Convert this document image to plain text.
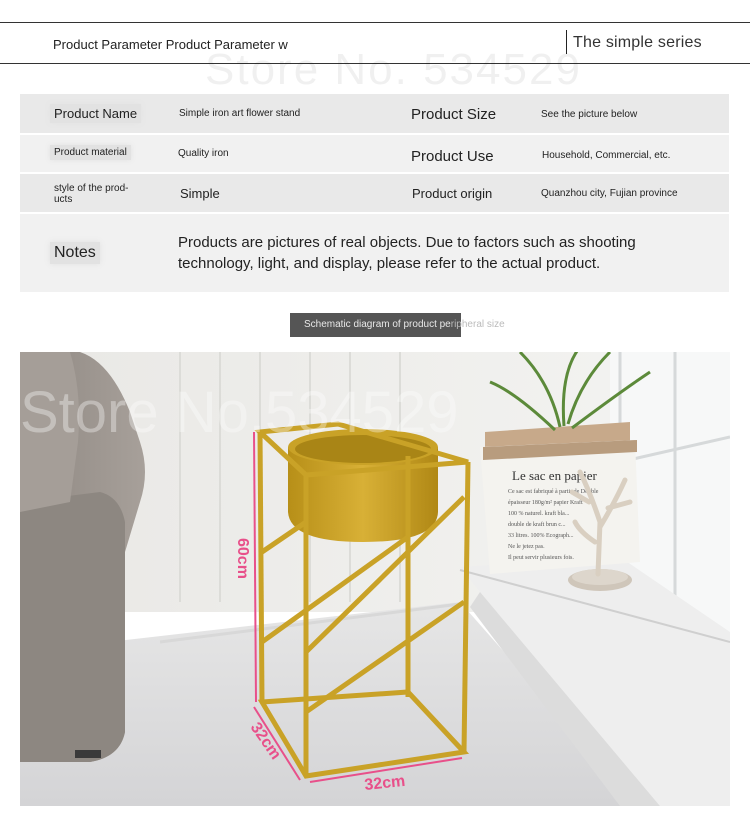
Product Parameter Product Parameter w	The simple series
Store No. 534529
Product Name	Simple iron art flower stand	Product Size	See the picture below
Product material	Quality iron	Product Use	Household, Commercial, etc.
style of the prod-
ucts	Simple	Product origin	Quanzhou city, Fujian province
Notes
Products are pictures of real objects. Due to factors such as shooting
technology, light, and display, please refer to the actual product.
Schematic diagram of product peripheral size
Le sac en papier
Ce sac est fabriqué à partir de Double
épaisseur 180g/m² papier Kraft
100 % naturel. kraft bla...
double de kraft brun c...
33 litres. 100% Ecograph...
Ne le jetez pas.
Il peut servir plusieurs fois.
60cm
32cm
32cm
Store No.534529
